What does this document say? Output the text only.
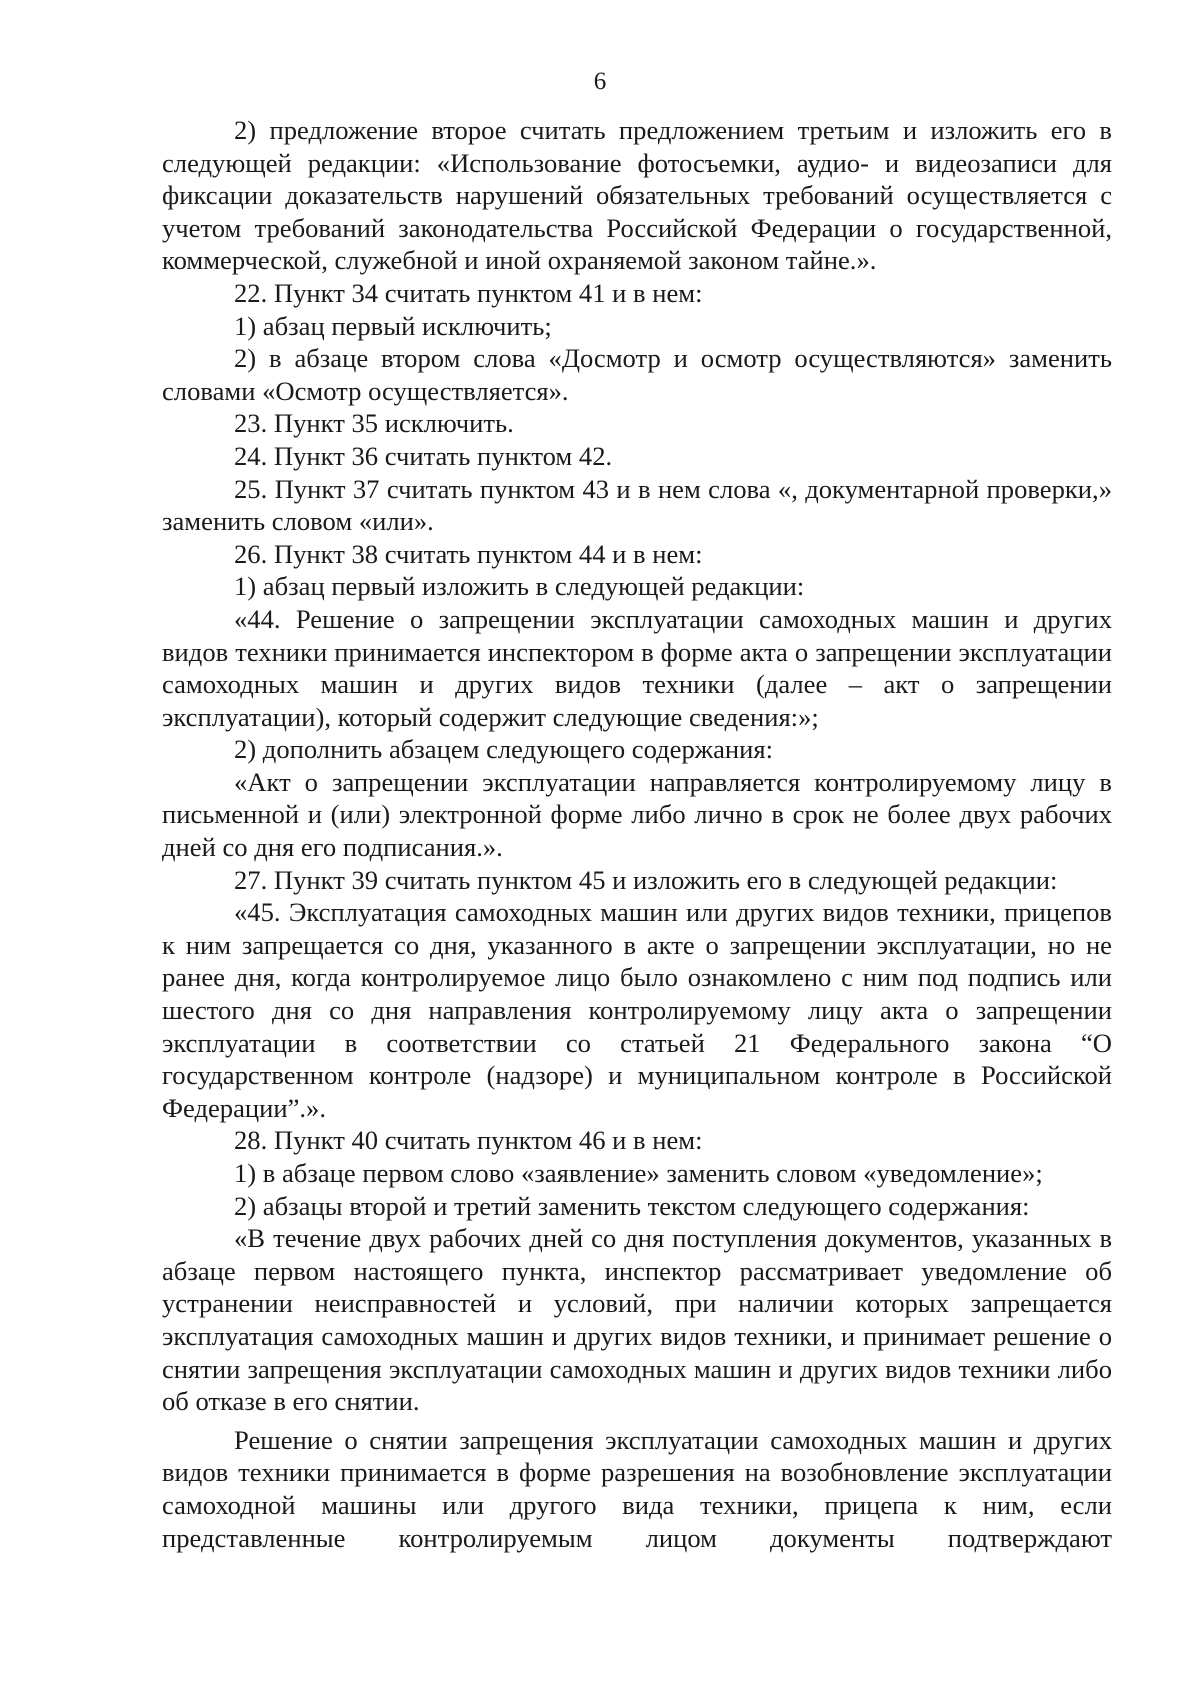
6

2) предложение второе считать предложением третьим и изложить его в следующей редакции: «Использование фотосъемки, аудио- и видеозаписи для фиксации доказательств нарушений обязательных требований осуществляется с учетом требований законодательства Российской Федерации о государственной, коммерческой, служебной и иной охраняемой законом тайне.».

22. Пункт 34 считать пунктом 41 и в нем:

1) абзац первый исключить;

2) в абзаце втором слова «Досмотр и осмотр осуществляются» заменить словами «Осмотр осуществляется».

23. Пункт 35 исключить.

24. Пункт 36 считать пунктом 42.

25. Пункт 37 считать пунктом 43 и в нем слова «, документарной проверки,» заменить словом «или».

26. Пункт 38 считать пунктом 44 и в нем:

1) абзац первый изложить в следующей редакции:

«44. Решение о запрещении эксплуатации самоходных машин и других видов техники принимается инспектором в форме акта о запрещении эксплуатации самоходных машин и других видов техники (далее – акт о запрещении эксплуатации), который содержит следующие сведения:»;

2) дополнить абзацем следующего содержания:

«Акт о запрещении эксплуатации направляется контролируемому лицу в письменной и (или) электронной форме либо лично в срок не более двух рабочих дней со дня его подписания.».

27. Пункт 39 считать пунктом 45 и изложить его в следующей редакции:

«45. Эксплуатация самоходных машин или других видов техники, прицепов к ним запрещается со дня, указанного в акте о запрещении эксплуатации, но не ранее дня, когда контролируемое лицо было ознакомлено с ним под подпись или шестого дня со дня направления контролируемому лицу акта о запрещении эксплуатации в соответствии со статьей 21 Федерального закона “О государственном контроле (надзоре) и муниципальном контроле в Российской Федерации”.».

28. Пункт 40 считать пунктом 46 и в нем:

1) в абзаце первом слово «заявление» заменить словом «уведомление»;

2) абзацы второй и третий заменить текстом следующего содержания:

«В течение двух рабочих дней со дня поступления документов, указанных в абзаце первом настоящего пункта, инспектор рассматривает уведомление об устранении неисправностей и условий, при наличии которых запрещается эксплуатация самоходных машин и других видов техники, и принимает решение о снятии запрещения эксплуатации самоходных машин и других видов техники либо об отказе в его снятии.

Решение о снятии запрещения эксплуатации самоходных машин и других видов техники принимается в форме разрешения на возобновление эксплуатации самоходной машины или другого вида техники, прицепа к ним, если представленные контролируемым лицом документы подтверждают
